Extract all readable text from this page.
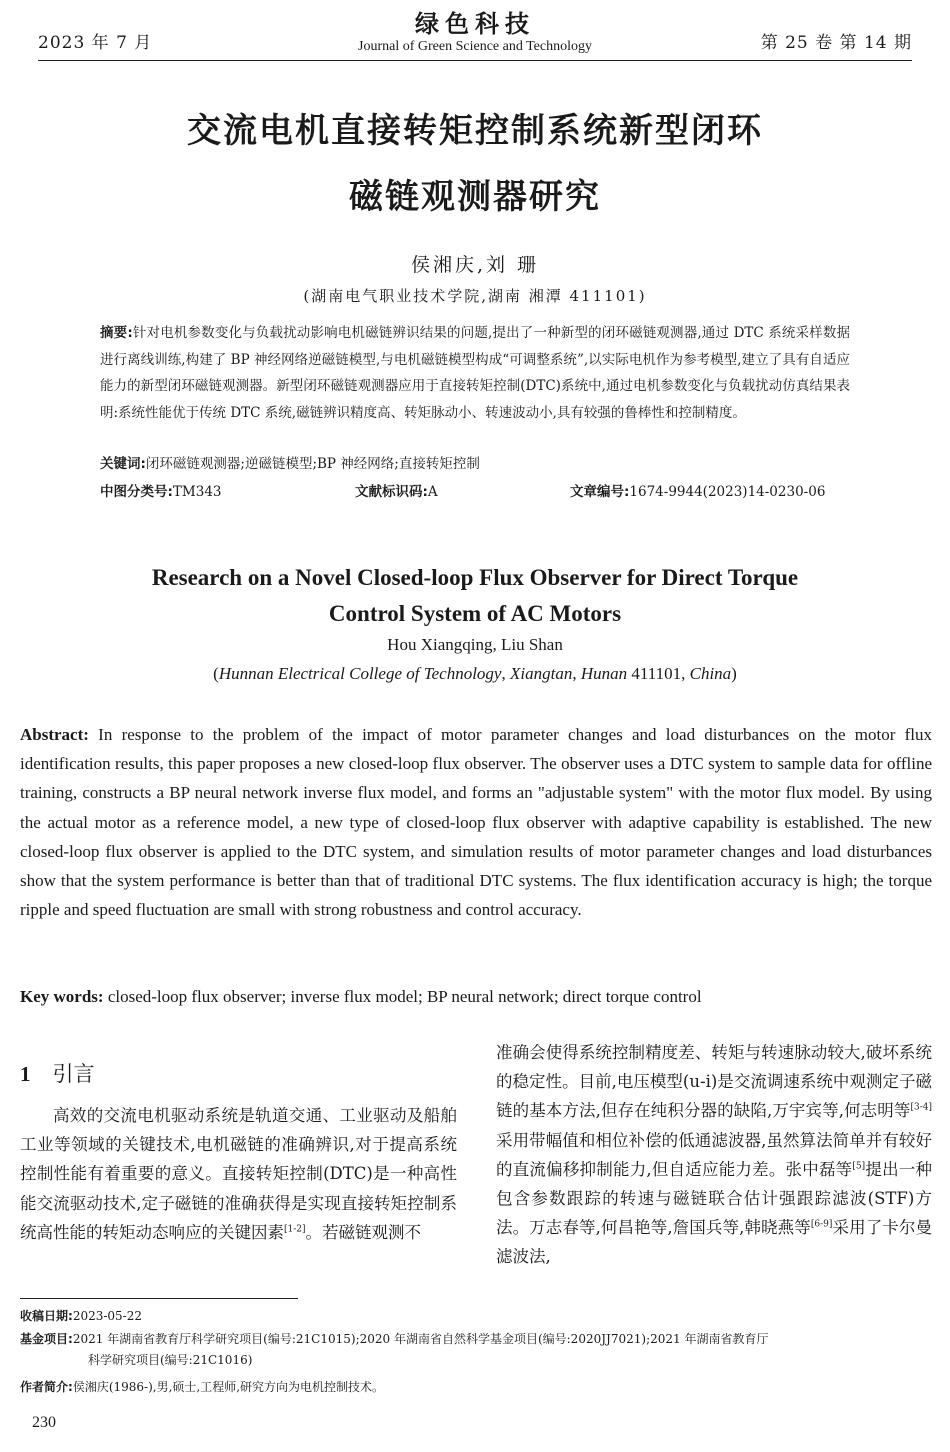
2023 年 7 月
绿色科技
Journal of Green Science and Technology	第 25 卷 第 14 期
交流电机直接转矩控制系统新型闭环
磁链观测器研究
侯湘庆,刘 珊
(湖南电气职业技术学院,湖南 湘潭 411101)
摘要:针对电机参数变化与负载扰动影响电机磁链辨识结果的问题,提出了一种新型的闭环磁链观测器,通过 DTC 系统采样数据进行离线训练,构建了 BP 神经网络逆磁链模型,与电机磁链模型构成“可调整系统”,以实际电机作为参考模型,建立了具有自适应能力的新型闭环磁链观测器。新型闭环磁链观测器应用于直接转矩控制(DTC)系统中,通过电机参数变化与负载扰动仿真结果表明:系统性能优于传统 DTC 系统,磁链辨识精度高、转矩脉动小、转速波动小,具有较强的鲁棒性和控制精度。
关键词:闭环磁链观测器;逆磁链模型;BP 神经网络;直接转矩控制
中图分类号:TM343	文献标识码:A	文章编号:1674-9944(2023)14-0230-06
Research on a Novel Closed-loop Flux Observer for Direct Torque
Control System of AC Motors
Hou Xiangqing, Liu Shan
(Hunnan Electrical College of Technology, Xiangtan, Hunan 411101, China)
Abstract: In response to the problem of the impact of motor parameter changes and load disturbances on the motor flux identification results, this paper proposes a new closed-loop flux observer. The observer uses a DTC system to sample data for offline training, constructs a BP neural network inverse flux model, and forms an "adjustable system" with the motor flux model. By using the actual motor as a reference model, a new type of closed-loop flux observer with adaptive capability is established. The new closed-loop flux observer is applied to the DTC system, and simulation results of motor parameter changes and load disturbances show that the system performance is better than that of traditional DTC systems. The flux identification accuracy is high; the torque ripple and speed fluctuation are small with strong robustness and control accuracy.
Key words: closed-loop flux observer; inverse flux model; BP neural network; direct torque control
1 引言

高效的交流电机驱动系统是轨道交通、工业驱动及船舶工业等领域的关键技术,电机磁链的准确辨识,对于提高系统控制性能有着重要的意义。直接转矩控制(DTC)是一种高性能交流驱动技术,定子磁链的准确获得是实现直接转矩控制系统高性能的转矩动态响应的关键因素[1-2]。若磁链观测不

准确会使得系统控制精度差、转矩与转速脉动较大,破坏系统的稳定性。目前,电压模型(u-i)是交流调速系统中观测定子磁链的基本方法,但存在纯积分器的缺陷,万宇宾等,何志明等[3-4]采用带幅值和相位补偿的低通滤波器,虽然算法简单并有较好的直流偏移抑制能力,但自适应能力差。张中磊等[5]提出一种包含参数跟踪的转速与磁链联合估计强跟踪滤波(STF)方法。万志春等,何昌艳等,詹国兵等,韩晓燕等[6-9]采用了卡尔曼滤波法,

收稿日期:2023-05-22
基金项目:2021 年湖南省教育厅科学研究项目(编号:21C1015);2020 年湖南省自然科学基金项目(编号:2020JJ7021);2021 年湖南省教育厅
科学研究项目(编号:21C1016)
作者简介:侯湘庆(1986-),男,硕士,工程师,研究方向为电机控制技术。
230
